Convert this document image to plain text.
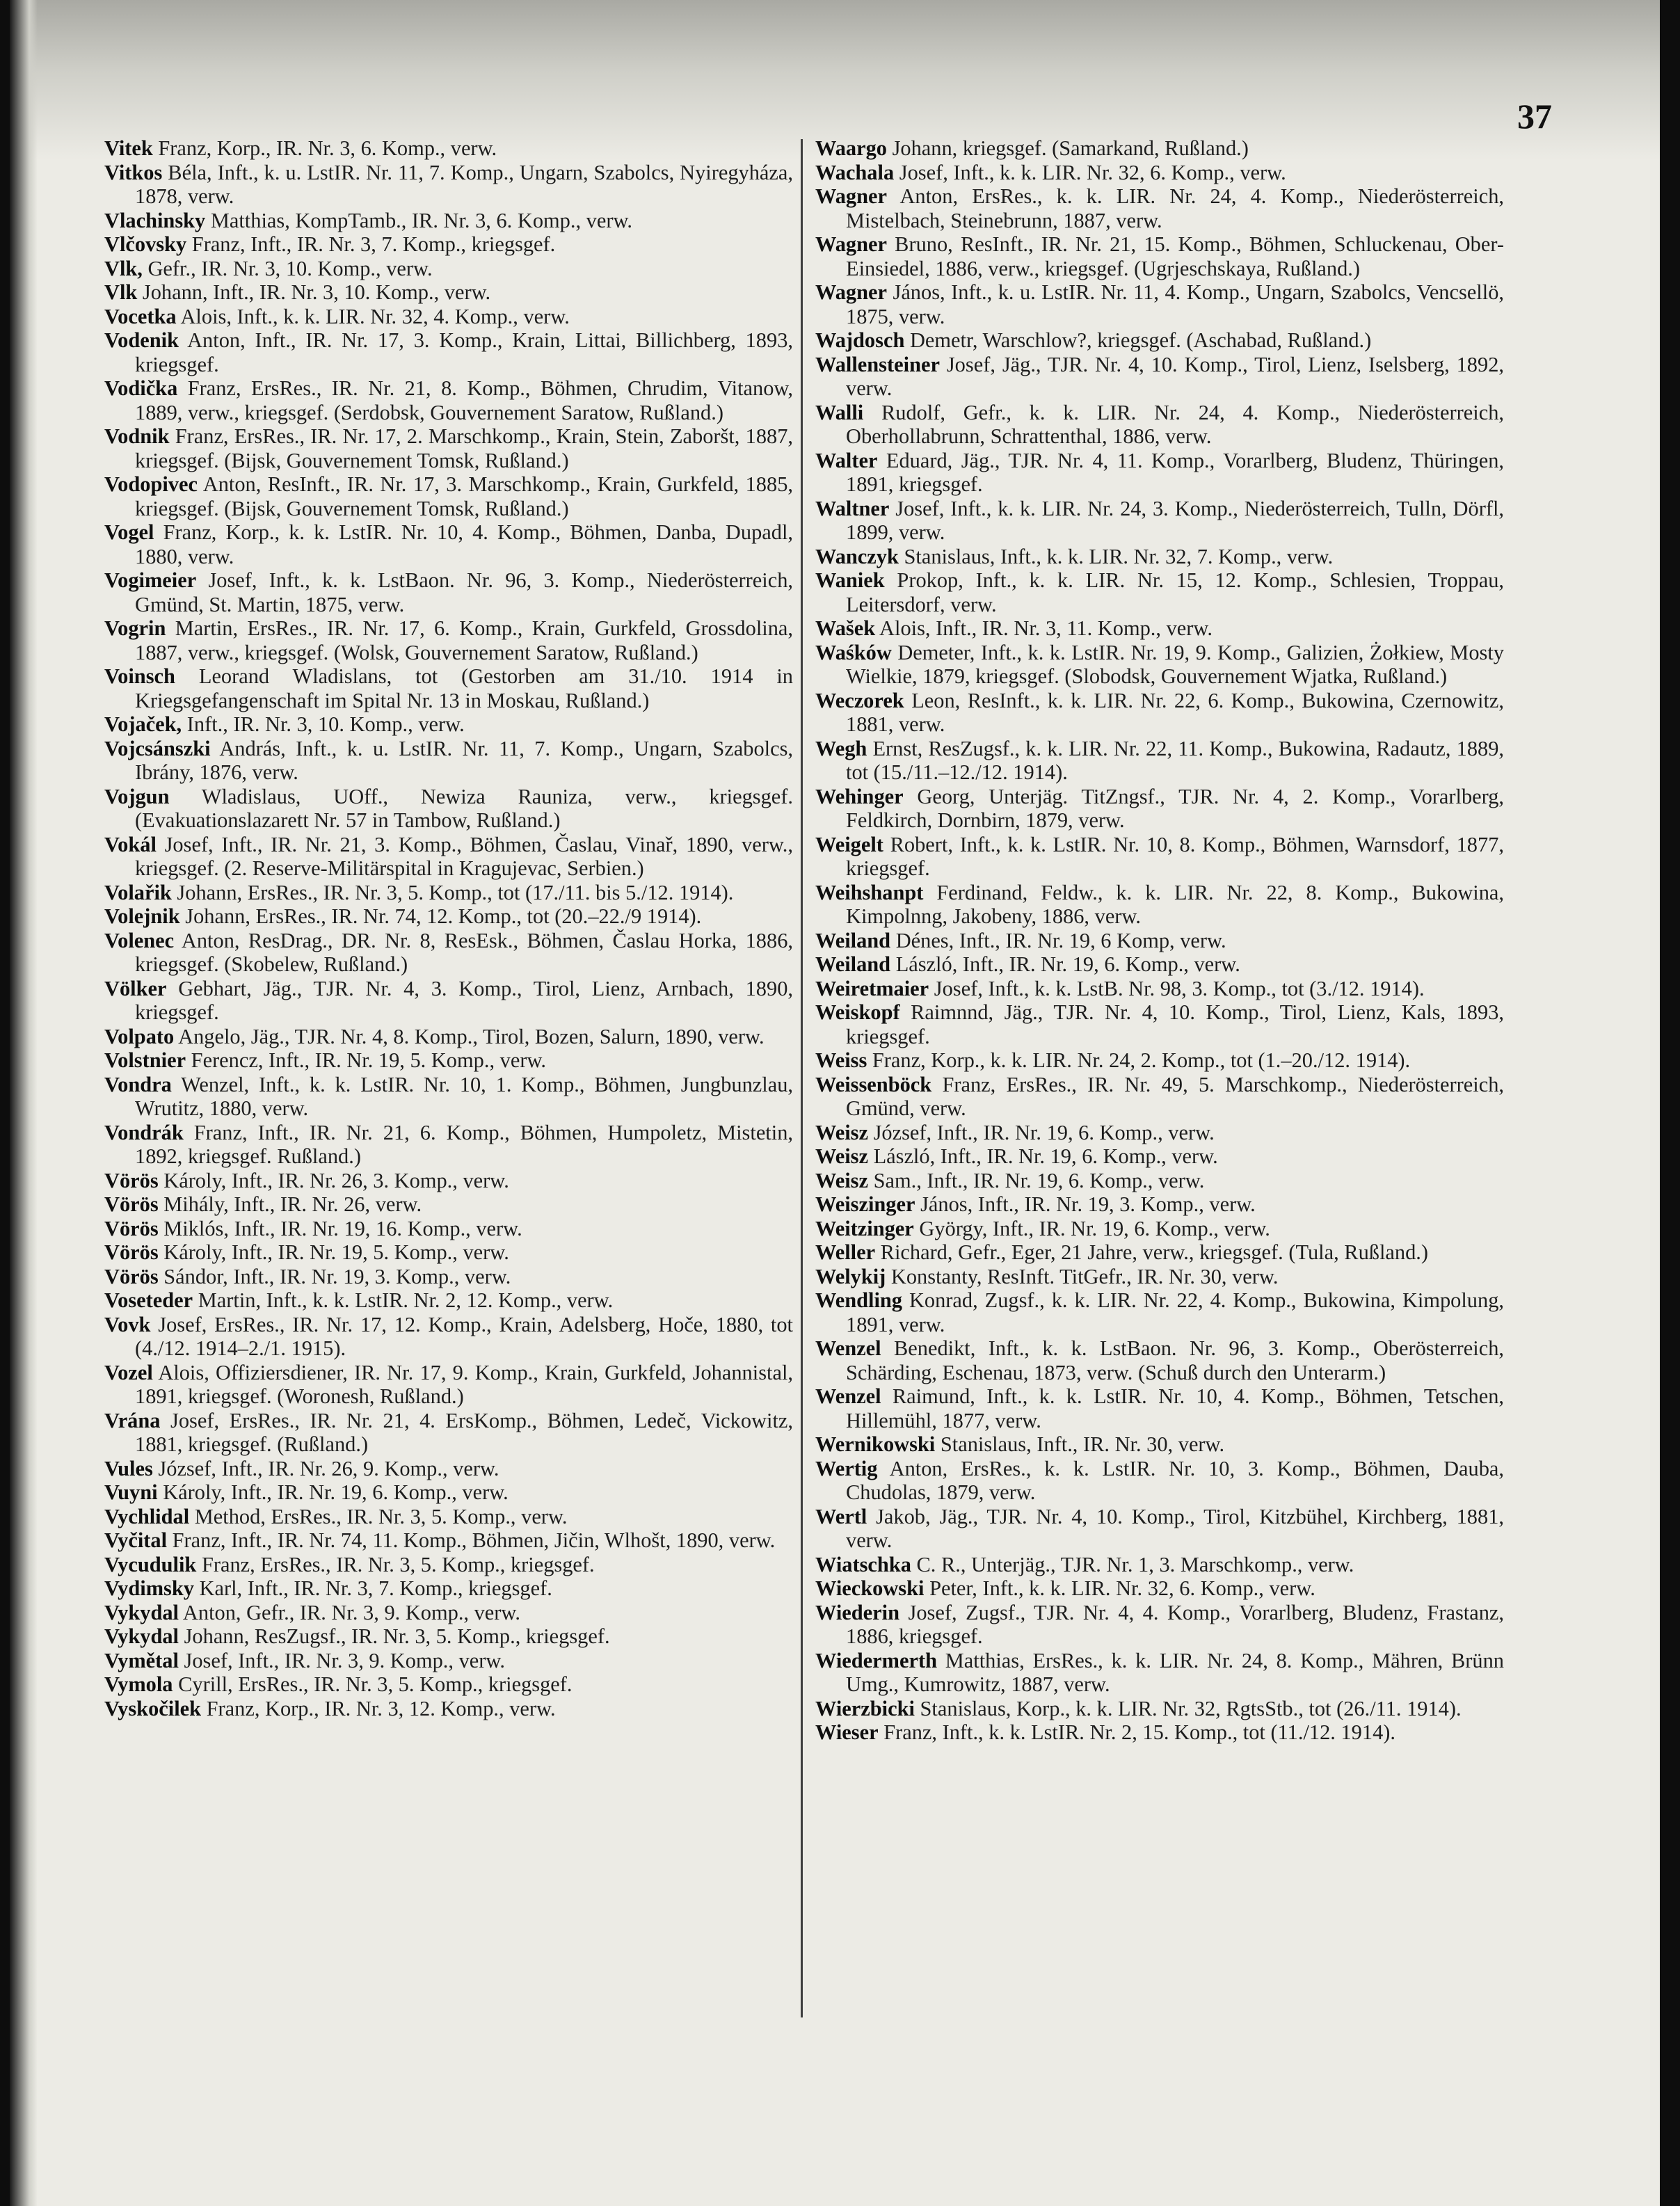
37

Vitek Franz, Korp., IR. Nr. 3, 6. Komp., verw.

Vitkos Béla, Inft., k. u. LstIR. Nr. 11, 7. Komp., Ungarn, Szabolcs, Nyiregyháza, 1878, verw.

Vlachinsky Matthias, KompTamb., IR. Nr. 3, 6. Komp., verw.

Vlčovsky Franz, Inft., IR. Nr. 3, 7. Komp., kriegsgef.

Vlk, Gefr., IR. Nr. 3, 10. Komp., verw.

Vlk Johann, Inft., IR. Nr. 3, 10. Komp., verw.

Vocetka Alois, Inft., k. k. LIR. Nr. 32, 4. Komp., verw.

Vodenik Anton, Inft., IR. Nr. 17, 3. Komp., Krain, Littai, Billichberg, 1893, kriegsgef.

Vodička Franz, ErsRes., IR. Nr. 21, 8. Komp., Böhmen, Chrudim, Vitanow, 1889, verw., kriegsgef. (Serdobsk, Gouvernement Saratow, Rußland.)

Vodnik Franz, ErsRes., IR. Nr. 17, 2. Marschkomp., Krain, Stein, Zaboršt, 1887, kriegsgef. (Bijsk, Gouvernement Tomsk, Rußland.)

Vodopivec Anton, ResInft., IR. Nr. 17, 3. Marschkomp., Krain, Gurkfeld, 1885, kriegsgef. (Bijsk, Gouvernement Tomsk, Rußland.)

Vogel Franz, Korp., k. k. LstIR. Nr. 10, 4. Komp., Böhmen, Danba, Dupadl, 1880, verw.

Vogimeier Josef, Inft., k. k. LstBaon. Nr. 96, 3. Komp., Niederösterreich, Gmünd, St. Martin, 1875, verw.

Vogrin Martin, ErsRes., IR. Nr. 17, 6. Komp., Krain, Gurkfeld, Grossdolina, 1887, verw., kriegsgef. (Wolsk, Gouvernement Saratow, Rußland.)

Voinsch Leorand Wladislans, tot (Gestorben am 31./10. 1914 in Kriegsgefangenschaft im Spital Nr. 13 in Moskau, Rußland.)

Vojaček, Inft., IR. Nr. 3, 10. Komp., verw.

Vojcsánszki András, Inft., k. u. LstIR. Nr. 11, 7. Komp., Ungarn, Szabolcs, Ibrány, 1876, verw.

Vojgun Wladislaus, UOff., Newiza Rauniza, verw., kriegsgef. (Evakuationslazarett Nr. 57 in Tambow, Rußland.)

Vokál Josef, Inft., IR. Nr. 21, 3. Komp., Böhmen, Časlau, Vinař, 1890, verw., kriegsgef. (2. Reserve-Militärspital in Kragujevac, Serbien.)

Volařik Johann, ErsRes., IR. Nr. 3, 5. Komp., tot (17./11. bis 5./12. 1914).

Volejnik Johann, ErsRes., IR. Nr. 74, 12. Komp., tot (20.–22./9 1914).

Volenec Anton, ResDrag., DR. Nr. 8, ResEsk., Böhmen, Časlau Horka, 1886, kriegsgef. (Skobelew, Rußland.)

Völker Gebhart, Jäg., TJR. Nr. 4, 3. Komp., Tirol, Lienz, Arnbach, 1890, kriegsgef.

Volpato Angelo, Jäg., TJR. Nr. 4, 8. Komp., Tirol, Bozen, Salurn, 1890, verw.

Volstnier Ferencz, Inft., IR. Nr. 19, 5. Komp., verw.

Vondra Wenzel, Inft., k. k. LstIR. Nr. 10, 1. Komp., Böhmen, Jungbunzlau, Wrutitz, 1880, verw.

Vondrák Franz, Inft., IR. Nr. 21, 6. Komp., Böhmen, Humpoletz, Mistetin, 1892, kriegsgef. Rußland.)

Vörös Károly, Inft., IR. Nr. 26, 3. Komp., verw.

Vörös Mihály, Inft., IR. Nr. 26, verw.

Vörös Miklós, Inft., IR. Nr. 19, 16. Komp., verw.

Vörös Károly, Inft., IR. Nr. 19, 5. Komp., verw.

Vörös Sándor, Inft., IR. Nr. 19, 3. Komp., verw.

Voseteder Martin, Inft., k. k. LstIR. Nr. 2, 12. Komp., verw.

Vovk Josef, ErsRes., IR. Nr. 17, 12. Komp., Krain, Adelsberg, Hoče, 1880, tot (4./12. 1914–2./1. 1915).

Vozel Alois, Offiziersdiener, IR. Nr. 17, 9. Komp., Krain, Gurkfeld, Johannistal, 1891, kriegsgef. (Woronesh, Rußland.)

Vrána Josef, ErsRes., IR. Nr. 21, 4. ErsKomp., Böhmen, Ledeč, Vickowitz, 1881, kriegsgef. (Rußland.)

Vules József, Inft., IR. Nr. 26, 9. Komp., verw.

Vuyni Károly, Inft., IR. Nr. 19, 6. Komp., verw.

Vychlidal Method, ErsRes., IR. Nr. 3, 5. Komp., verw.

Vyčital Franz, Inft., IR. Nr. 74, 11. Komp., Böhmen, Jičin, Wlhošt, 1890, verw.

Vycudulik Franz, ErsRes., IR. Nr. 3, 5. Komp., kriegsgef.

Vydimsky Karl, Inft., IR. Nr. 3, 7. Komp., kriegsgef.

Vykydal Anton, Gefr., IR. Nr. 3, 9. Komp., verw.

Vykydal Johann, ResZugsf., IR. Nr. 3, 5. Komp., kriegsgef.

Vymětal Josef, Inft., IR. Nr. 3, 9. Komp., verw.

Vymola Cyrill, ErsRes., IR. Nr. 3, 5. Komp., kriegsgef.

Vyskočilek Franz, Korp., IR. Nr. 3, 12. Komp., verw.

Waargo Johann, kriegsgef. (Samarkand, Rußland.)

Wachala Josef, Inft., k. k. LIR. Nr. 32, 6. Komp., verw.

Wagner Anton, ErsRes., k. k. LIR. Nr. 24, 4. Komp., Niederösterreich, Mistelbach, Steinebrunn, 1887, verw.

Wagner Bruno, ResInft., IR. Nr. 21, 15. Komp., Böhmen, Schluckenau, Ober-Einsiedel, 1886, verw., kriegsgef. (Ugrjeschskaya, Rußland.)

Wagner János, Inft., k. u. LstIR. Nr. 11, 4. Komp., Ungarn, Szabolcs, Vencsellö, 1875, verw.

Wajdosch Demetr, Warschlow?, kriegsgef. (Aschabad, Rußland.)

Wallensteiner Josef, Jäg., TJR. Nr. 4, 10. Komp., Tirol, Lienz, Iselsberg, 1892, verw.

Walli Rudolf, Gefr., k. k. LIR. Nr. 24, 4. Komp., Niederösterreich, Oberhollabrunn, Schrattenthal, 1886, verw.

Walter Eduard, Jäg., TJR. Nr. 4, 11. Komp., Vorarlberg, Bludenz, Thüringen, 1891, kriegsgef.

Waltner Josef, Inft., k. k. LIR. Nr. 24, 3. Komp., Niederösterreich, Tulln, Dörfl, 1899, verw.

Wanczyk Stanislaus, Inft., k. k. LIR. Nr. 32, 7. Komp., verw.

Waniek Prokop, Inft., k. k. LIR. Nr. 15, 12. Komp., Schlesien, Troppau, Leitersdorf, verw.

Wašek Alois, Inft., IR. Nr. 3, 11. Komp., verw.

Waśków Demeter, Inft., k. k. LstIR. Nr. 19, 9. Komp., Galizien, Żołkiew, Mosty Wielkie, 1879, kriegsgef. (Slobodsk, Gouvernement Wjatka, Rußland.)

Weczorek Leon, ResInft., k. k. LIR. Nr. 22, 6. Komp., Bukowina, Czernowitz, 1881, verw.

Wegh Ernst, ResZugsf., k. k. LIR. Nr. 22, 11. Komp., Bukowina, Radautz, 1889, tot (15./11.–12./12. 1914).

Wehinger Georg, Unterjäg. TitZngsf., TJR. Nr. 4, 2. Komp., Vorarlberg, Feldkirch, Dornbirn, 1879, verw.

Weigelt Robert, Inft., k. k. LstIR. Nr. 10, 8. Komp., Böhmen, Warnsdorf, 1877, kriegsgef.

Weihshanpt Ferdinand, Feldw., k. k. LIR. Nr. 22, 8. Komp., Bukowina, Kimpolnng, Jakobeny, 1886, verw.

Weiland Dénes, Inft., IR. Nr. 19, 6 Komp, verw.

Weiland László, Inft., IR. Nr. 19, 6. Komp., verw.

Weiretmaier Josef, Inft., k. k. LstB. Nr. 98, 3. Komp., tot (3./12. 1914).

Weiskopf Raimnnd, Jäg., TJR. Nr. 4, 10. Komp., Tirol, Lienz, Kals, 1893, kriegsgef.

Weiss Franz, Korp., k. k. LIR. Nr. 24, 2. Komp., tot (1.–20./12. 1914).

Weissenböck Franz, ErsRes., IR. Nr. 49, 5. Marschkomp., Niederösterreich, Gmünd, verw.

Weisz József, Inft., IR. Nr. 19, 6. Komp., verw.

Weisz László, Inft., IR. Nr. 19, 6. Komp., verw.

Weisz Sam., Inft., IR. Nr. 19, 6. Komp., verw.

Weiszinger János, Inft., IR. Nr. 19, 3. Komp., verw.

Weitzinger György, Inft., IR. Nr. 19, 6. Komp., verw.

Weller Richard, Gefr., Eger, 21 Jahre, verw., kriegsgef. (Tula, Rußland.)

Welykij Konstanty, ResInft. TitGefr., IR. Nr. 30, verw.

Wendling Konrad, Zugsf., k. k. LIR. Nr. 22, 4. Komp., Bukowina, Kimpolung, 1891, verw.

Wenzel Benedikt, Inft., k. k. LstBaon. Nr. 96, 3. Komp., Oberösterreich, Schärding, Eschenau, 1873, verw. (Schuß durch den Unterarm.)

Wenzel Raimund, Inft., k. k. LstIR. Nr. 10, 4. Komp., Böhmen, Tetschen, Hillemühl, 1877, verw.

Wernikowski Stanislaus, Inft., IR. Nr. 30, verw.

Wertig Anton, ErsRes., k. k. LstIR. Nr. 10, 3. Komp., Böhmen, Dauba, Chudolas, 1879, verw.

Wertl Jakob, Jäg., TJR. Nr. 4, 10. Komp., Tirol, Kitzbühel, Kirchberg, 1881, verw.

Wiatschka C. R., Unterjäg., TJR. Nr. 1, 3. Marschkomp., verw.

Wieckowski Peter, Inft., k. k. LIR. Nr. 32, 6. Komp., verw.

Wiederin Josef, Zugsf., TJR. Nr. 4, 4. Komp., Vorarlberg, Bludenz, Frastanz, 1886, kriegsgef.

Wiedermerth Matthias, ErsRes., k. k. LIR. Nr. 24, 8. Komp., Mähren, Brünn Umg., Kumrowitz, 1887, verw.

Wierzbicki Stanislaus, Korp., k. k. LIR. Nr. 32, RgtsStb., tot (26./11. 1914).

Wieser Franz, Inft., k. k. LstIR. Nr. 2, 15. Komp., tot (11./12. 1914).
